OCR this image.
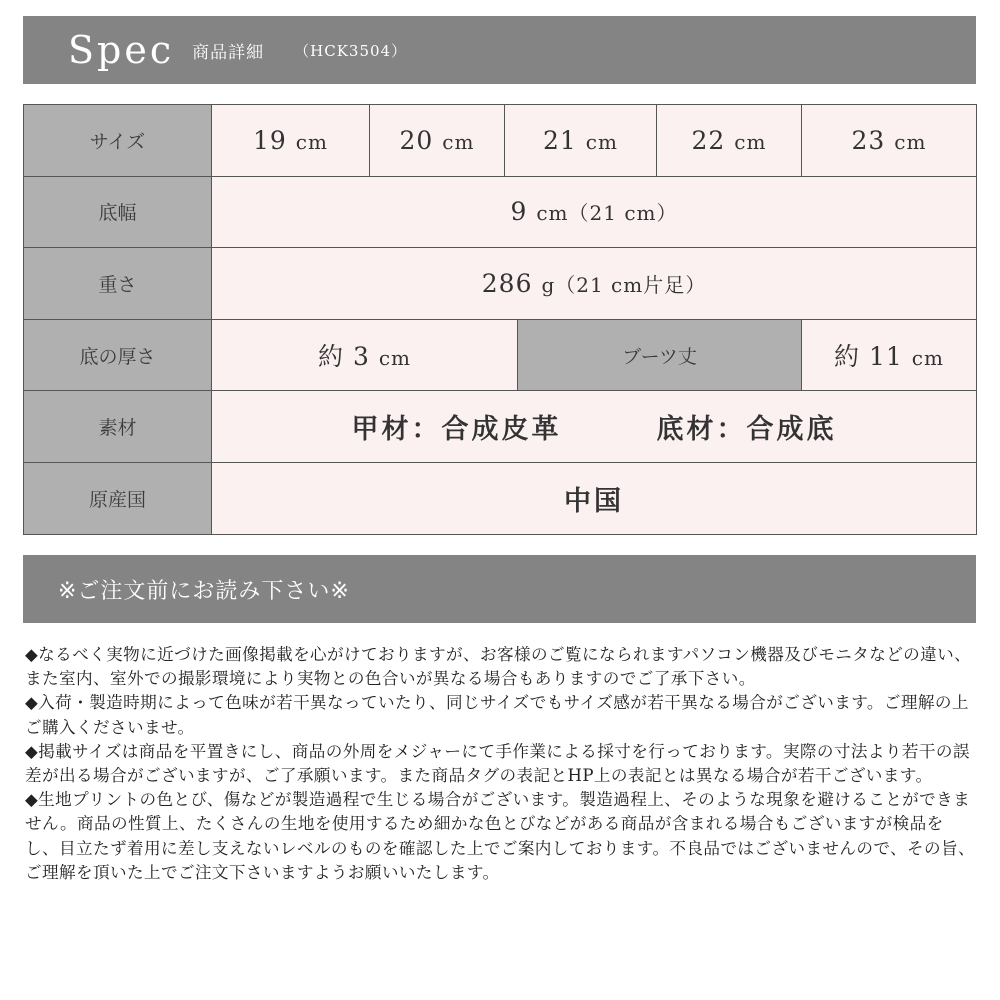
Spec 商品詳細 （HCK3504）
サイズ	19 cm	20 cm	21 cm		22 cm	23 cm
底幅	9 cm（21 cm）					
重さ	286 g（21 cm片足）					
底の厚さ	約 3 cm			ブーツ丈		約 11 cm
素材	甲材：合成皮革 底材：合成底					
原産国	中国					
※ご注文前にお読み下さい※

◆なるべく実物に近づけた画像掲載を心がけておりますが、お客様のご覧になられますパソコン機器及びモニタなどの違い、また室内、室外での撮影環境により実物との色合いが異なる場合もありますのでご了承下さい。

◆入荷・製造時期によって色味が若干異なっていたり、同じサイズでもサイズ感が若干異なる場合がございます。ご理解の上ご購入くださいませ。

◆掲載サイズは商品を平置きにし、商品の外周をメジャーにて手作業による採寸を行っております。実際の寸法より若干の誤差が出る場合がございますが、ご了承願います。また商品タグの表記とHP上の表記とは異なる場合が若干ございます。

◆生地プリントの色とび、傷などが製造過程で生じる場合がございます。製造過程上、そのような現象を避けることができません。商品の性質上、たくさんの生地を使用するため細かな色とびなどがある商品が含まれる場合もございますが検品をし、目立たず着用に差し支えないレベルのものを確認した上でご案内しております。不良品ではございませんので、その旨、ご理解を頂いた上でご注文下さいますようお願いいたします。
